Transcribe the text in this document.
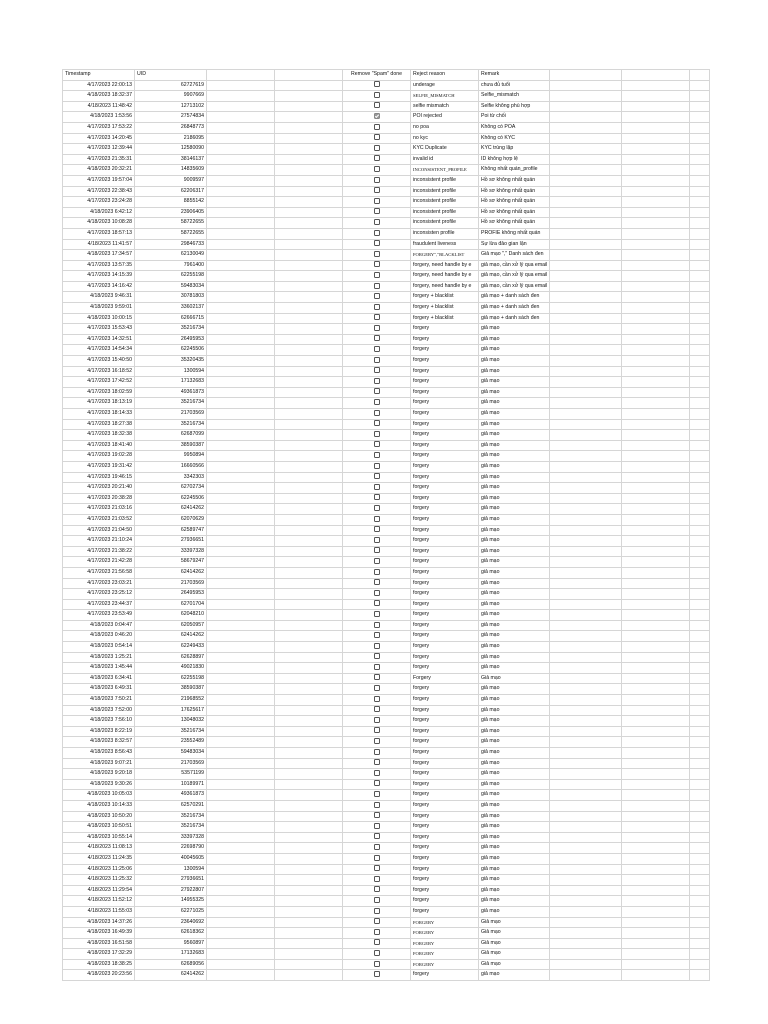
Timestamp	UID			Remove "Spam" done	Reject reason	Remark			
4/17/2023 22:00:13	62727619				underage	chưa đủ tuổi			
4/18/2023 18:32:37	9907669				SELFIE_MISMATCH	Selfie_mismatch			
4/18/2023 11:48:42	12713102				selfie mismatch	Selfie không phù hợp			
4/18/2023 1:53:56	27574834				POI rejected	Poi từ chối			
4/17/2023 17:53:22	26848773				no poa	Không có POA			
4/17/2023 14:20:45	2186095				no kyc	Không có KYC			
4/17/2023 12:39:44	12580090				KYC Duplicate	KYC trùng lặp			
4/17/2023 21:35:31	38146137				invalid id	ID không hợp lệ			
4/18/2023 20:32:21	14835609				INCONSISTENT_PROFILE	Không nhất quán_profile			
4/17/2023 19:57:04	9009597				inconsistent profile	Hồ sơ không nhất quán			
4/17/2023 22:38:43	62206317				inconsistent profile	Hồ sơ không nhất quán			
4/17/2023 23:24:28	8855142				inconsistent profile	Hồ sơ không nhất quán			
4/18/2023 6:42:12	23906405				inconsistent profile	Hồ sơ không nhất quán			
4/18/2023 10:08:28	58722655				inconsistent profile	Hồ sơ không nhất quán			
4/17/2023 18:57:13	58722655				inconsisten profile	PROFIE không nhất quán			
4/18/2023 11:41:57	29846733				fraudulent liveness	Sự lừa đảo gian lận			
4/18/2023 17:34:57	62130049				FORGERY","BLACKLIST	Giả mạo "," Danh sách đen			
4/17/2023 13:57:35	7961400				forgery, need handle by e	giả mạo, cần xử lý qua email			
4/17/2023 14:15:39	62255198				forgery, need handle by e	giả mạo, cần xử lý qua email			
4/17/2023 14:16:42	59483034				forgery, need handle by e	giả mạo, cần xử lý qua email			
4/18/2023 9:46:31	30781803				forgery + blacklist	giả mạo + danh sách đen			
4/18/2023 9:59:01	33602137				forgery + blacklist	giả mạo + danh sách đen			
4/18/2023 10:00:15	62666715				forgery + blacklist	giả mạo + danh sách đen			
4/17/2023 15:53:43	35216734				forgery	giả mạo			
4/17/2023 14:32:51	26495953				forgery	giả mạo			
4/17/2023 14:54:34	62245506				forgery	giả mạo			
4/17/2023 15:40:50	35320435				forgery	giả mạo			
4/17/2023 16:18:52	1300594				forgery	giả mạo			
4/17/2023 17:42:52	17132683				forgery	giả mạo			
4/17/2023 18:02:59	49361873				forgery	giả mạo			
4/17/2023 18:13:19	35216734				forgery	giả mạo			
4/17/2023 18:14:33	21703569				forgery	giả mạo			
4/17/2023 18:27:38	35216734				forgery	giả mạo			
4/17/2023 18:32:38	62687099				forgery	giả mạo			
4/17/2023 18:41:40	38590387				forgery	giả mạo			
4/17/2023 19:02:28	9950894				forgery	giả mạo			
4/17/2023 19:31:42	16660566				forgery	giả mạo			
4/17/2023 19:46:15	3342303				forgery	giả mạo			
4/17/2023 20:21:40	62702734				forgery	giả mạo			
4/17/2023 20:38:28	62245506				forgery	giả mạo			
4/17/2023 21:03:16	62414262				forgery	giả mạo			
4/17/2023 21:03:52	62070629				forgery	giả mạo			
4/17/2023 21:04:50	62589747				forgery	giả mạo			
4/17/2023 21:10:24	27936651				forgery	giả mạo			
4/17/2023 21:38:22	33397328				forgery	giả mạo			
4/17/2023 21:42:28	58679247				forgery	giả mạo			
4/17/2023 21:56:58	62414262				forgery	giả mạo			
4/17/2023 23:03:21	21703569				forgery	giả mạo			
4/17/2023 23:25:12	26495953				forgery	giả mạo			
4/17/2023 23:44:37	62701704				forgery	giả mạo			
4/17/2023 23:53:49	62048210				forgery	giả mạo			
4/18/2023 0:04:47	62050957				forgery	giả mạo			
4/18/2023 0:46:20	62414262				forgery	giả mạo			
4/18/2023 0:54:14	62249433				forgery	giả mạo			
4/18/2023 1:25:21	62628897				forgery	giả mạo			
4/18/2023 1:45:44	49021830				forgery	giả mạo			
4/18/2023 6:34:41	62255198				Forgery	Giả mạo			
4/18/2023 6:49:31	38590387				forgery	giả mạo			
4/18/2023 7:50:21	21968552				forgery	giả mạo			
4/18/2023 7:52:00	17625617				forgery	giả mạo			
4/18/2023 7:56:10	13048032				forgery	giả mạo			
4/18/2023 8:22:19	35216734				forgery	giả mạo			
4/18/2023 8:32:57	23552489				forgery	giả mạo			
4/18/2023 8:56:43	59483034				forgery	giả mạo			
4/18/2023 9:07:21	21703569				forgery	giả mạo			
4/18/2023 9:20:18	53571199				forgery	giả mạo			
4/18/2023 9:30:26	10189971				forgery	giả mạo			
4/18/2023 10:05:03	49361873				forgery	giả mạo			
4/18/2023 10:14:33	62570291				forgery	giả mạo			
4/18/2023 10:50:20	35216734				forgery	giả mạo			
4/18/2023 10:50:51	35216734				forgery	giả mạo			
4/18/2023 10:55:14	33397328				forgery	giả mạo			
4/18/2023 11:08:13	22698790				forgery	giả mạo			
4/18/2023 11:24:35	40045605				forgery	giả mạo			
4/18/2023 11:25:06	1300594				forgery	giả mạo			
4/18/2023 11:25:32	27936651				forgery	giả mạo			
4/18/2023 11:29:54	27922807				forgery	giả mạo			
4/18/2023 11:52:12	14955325				forgery	giả mạo			
4/18/2023 11:55:03	62271025				forgery	giả mạo			
4/18/2023 14:37:26	23640692				FORGERY	Giả mạo			
4/18/2023 16:49:39	62618362				FORGERY	Giả mạo			
4/18/2023 16:51:58	9560897				FORGERY	Giả mạo			
4/18/2023 17:32:29	17132683				FORGERY	Giả mạo			
4/18/2023 18:38:25	62689056				FORGERY	Giả mạo			
4/18/2023 20:23:56	62414262				forgery	giả mạo			
